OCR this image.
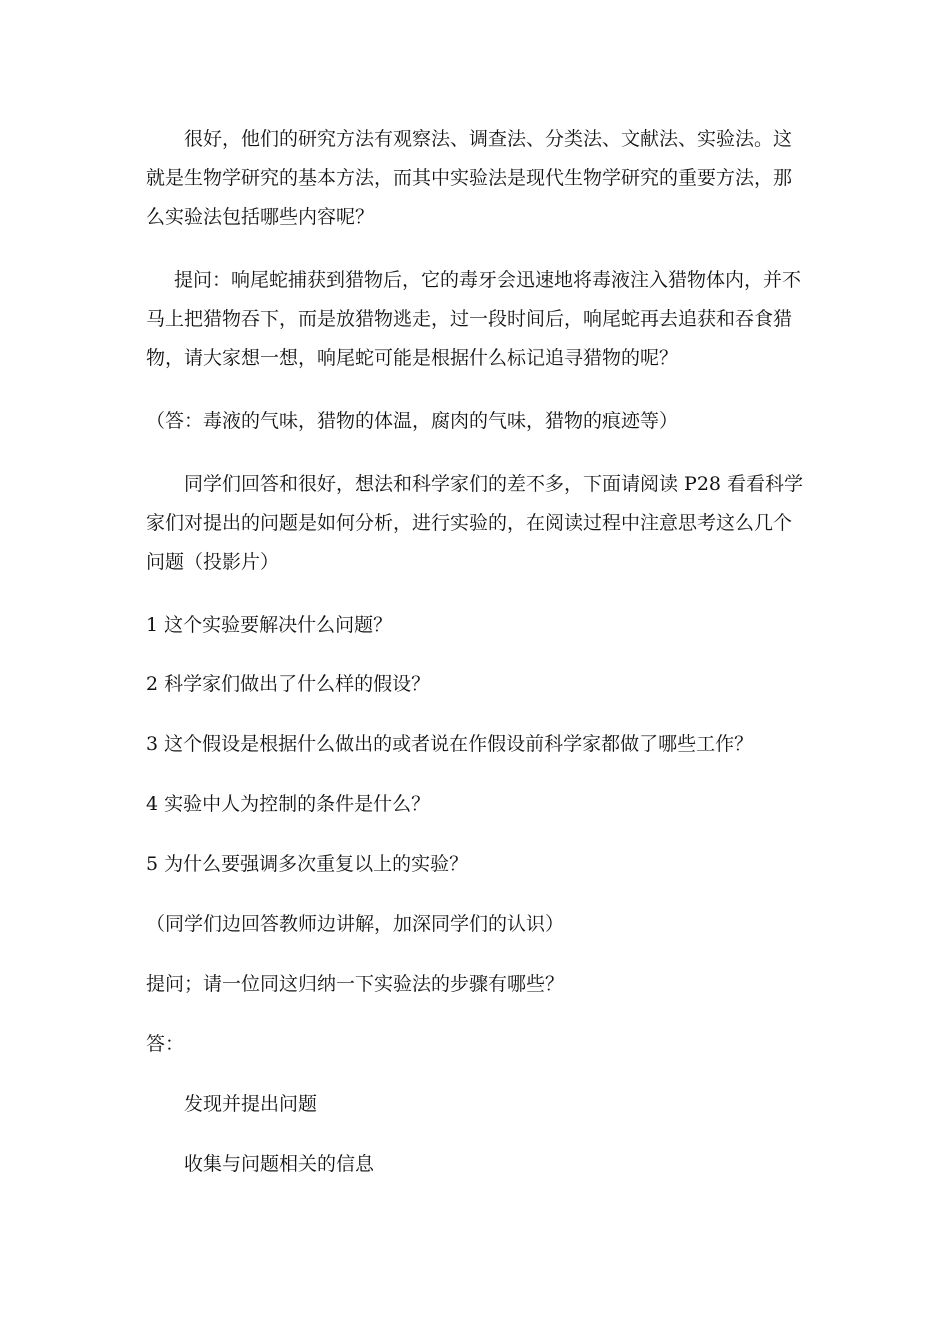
很好，他们的研究方法有观察法、调查法、分类法、文献法、实验法。这
就是生物学研究的基本方法，而其中实验法是现代生物学研究的重要方法，那
么实验法包括哪些内容呢？

提问：响尾蛇捕获到猎物后，它的毒牙会迅速地将毒液注入猎物体内，并不
马上把猎物吞下，而是放猎物逃走，过一段时间后，响尾蛇再去追获和吞食猎
物，请大家想一想，响尾蛇可能是根据什么标记追寻猎物的呢？

（答：毒液的气味，猎物的体温，腐肉的气味，猎物的痕迹等）

同学们回答和很好，想法和科学家们的差不多，下面请阅读 P28 看看科学
家们对提出的问题是如何分析，进行实验的，在阅读过程中注意思考这么几个
问题（投影片）

1 这个实验要解决什么问题？

2 科学家们做出了什么样的假设？

3 这个假设是根据什么做出的或者说在作假设前科学家都做了哪些工作？

4 实验中人为控制的条件是什么？

5 为什么要强调多次重复以上的实验？

（同学们边回答教师边讲解，加深同学们的认识）

提问；请一位同这归纳一下实验法的步骤有哪些？

答：

发现并提出问题

收集与问题相关的信息
